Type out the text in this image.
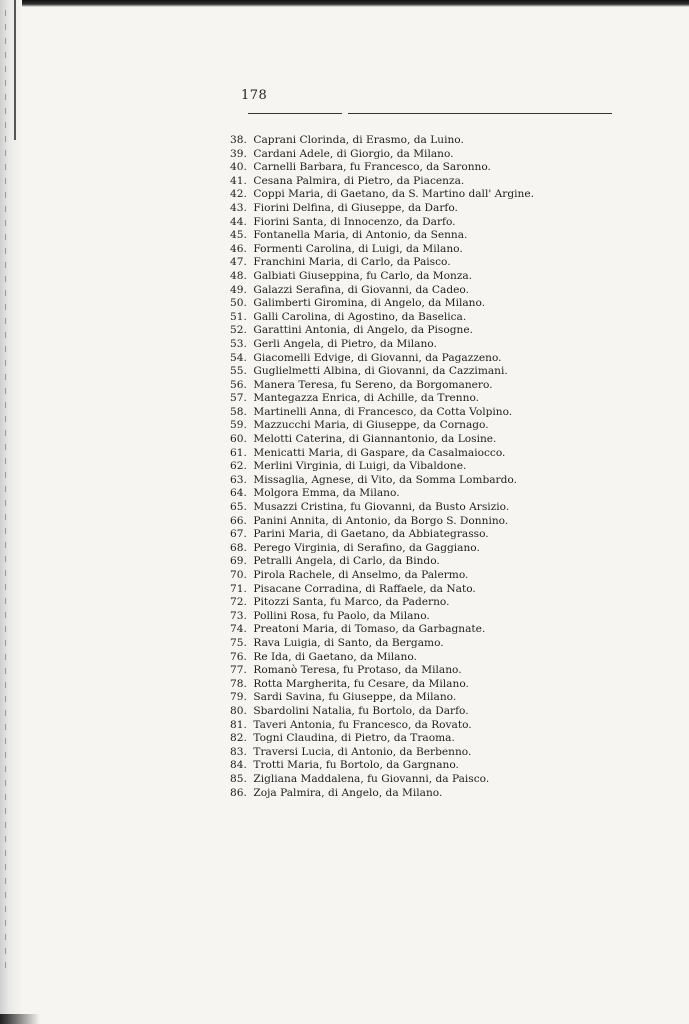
178
38. Caprani Clorinda, di Erasmo, da Luino.
39. Cardani Adele, di Giorgio, da Milano.
40. Carnelli Barbara, fu Francesco, da Saronno.
41. Cesana Palmira, di Pietro, da Piacenza.
42. Coppi Maria, di Gaetano, da S. Martino dall' Argine.
43. Fiorini Delfina, di Giuseppe, da Darfo.
44. Fiorini Santa, di Innocenzo, da Darfo.
45. Fontanella Maria, di Antonio, da Senna.
46. Formenti Carolina, di Luigi, da Milano.
47. Franchini Maria, di Carlo, da Paisco.
48. Galbiati Giuseppina, fu Carlo, da Monza.
49. Galazzi Serafina, di Giovanni, da Cadeo.
50. Galimberti Giromina, di Angelo, da Milano.
51. Galli Carolina, di Agostino, da Baselica.
52. Garattini Antonia, di Angelo, da Pisogne.
53. Gerli Angela, di Pietro, da Milano.
54. Giacomelli Edvige, di Giovanni, da Pagazzeno.
55. Guglielmetti Albina, di Giovanni, da Cazzimani.
56. Manera Teresa, fu Sereno, da Borgomanero.
57. Mantegazza Enrica, di Achille, da Trenno.
58. Martinelli Anna, di Francesco, da Cotta Volpino.
59. Mazzucchi Maria, di Giuseppe, da Cornago.
60. Melotti Caterina, di Giannantonio, da Losine.
61. Menicatti Maria, di Gaspare, da Casalmaiocco.
62. Merlini Virginia, di Luigi, da Vibaldone.
63. Missaglia, Agnese, di Vito, da Somma Lombardo.
64. Molgora Emma, da Milano.
65. Musazzi Cristina, fu Giovanni, da Busto Arsizio.
66. Panini Annita, di Antonio, da Borgo S. Donnino.
67. Parini Maria, di Gaetano, da Abbiategrasso.
68. Perego Virginia, di Serafino, da Gaggiano.
69. Petralli Angela, di Carlo, da Bindo.
70. Pirola Rachele, di Anselmo, da Palermo.
71. Pisacane Corradina, di Raffaele, da Nato.
72. Pitozzi Santa, fu Marco, da Paderno.
73. Pollini Rosa, fu Paolo, da Milano.
74. Preatoni Maria, di Tomaso, da Garbagnate.
75. Rava Luigia, di Santo, da Bergamo.
76. Re Ida, di Gaetano, da Milano.
77. Romanò Teresa, fu Protaso, da Milano.
78. Rotta Margherita, fu Cesare, da Milano.
79. Sardi Savina, fu Giuseppe, da Milano.
80. Sbardolini Natalia, fu Bortolo, da Darfo.
81. Taveri Antonia, fu Francesco, da Rovato.
82. Togni Claudina, di Pietro, da Traoma.
83. Traversi Lucia, di Antonio, da Berbenno.
84. Trotti Maria, fu Bortolo, da Gargnano.
85. Zigliana Maddalena, fu Giovanni, da Paisco.
86. Zoja Palmira, di Angelo, da Milano.
